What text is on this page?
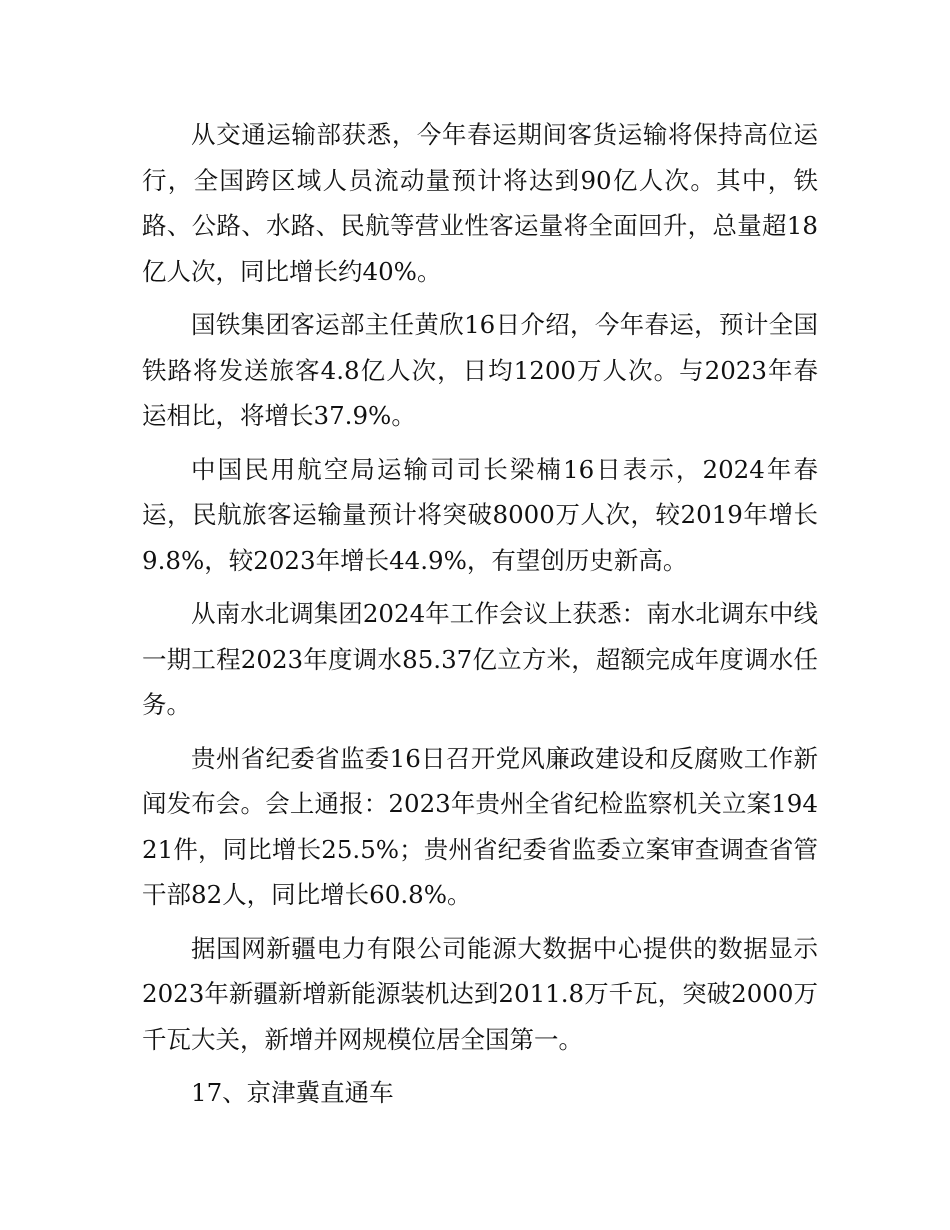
从交通运输部获悉，今年春运期间客货运输将保持高位运行，全国跨区域人员流动量预计将达到90亿人次。其中，铁路、公路、水路、民航等营业性客运量将全面回升，总量超18亿人次，同比增长约40%。

国铁集团客运部主任黄欣16日介绍，今年春运，预计全国铁路将发送旅客4.8亿人次，日均1200万人次。与2023年春运相比，将增长37.9%。

中国民用航空局运输司司长梁楠16日表示，2024年春运，民航旅客运输量预计将突破8000万人次，较2019年增长9.8%，较2023年增长44.9%，有望创历史新高。

从南水北调集团2024年工作会议上获悉：南水北调东中线一期工程2023年度调水85.37亿立方米，超额完成年度调水任务。

贵州省纪委省监委16日召开党风廉政建设和反腐败工作新闻发布会。会上通报：2023年贵州全省纪检监察机关立案19421件，同比增长25.5%；贵州省纪委省监委立案审查调查省管干部82人，同比增长60.8%。

据国网新疆电力有限公司能源大数据中心提供的数据显示2023年新疆新增新能源装机达到2011.8万千瓦，突破2000万千瓦大关，新增并网规模位居全国第一。

17、京津冀直通车
